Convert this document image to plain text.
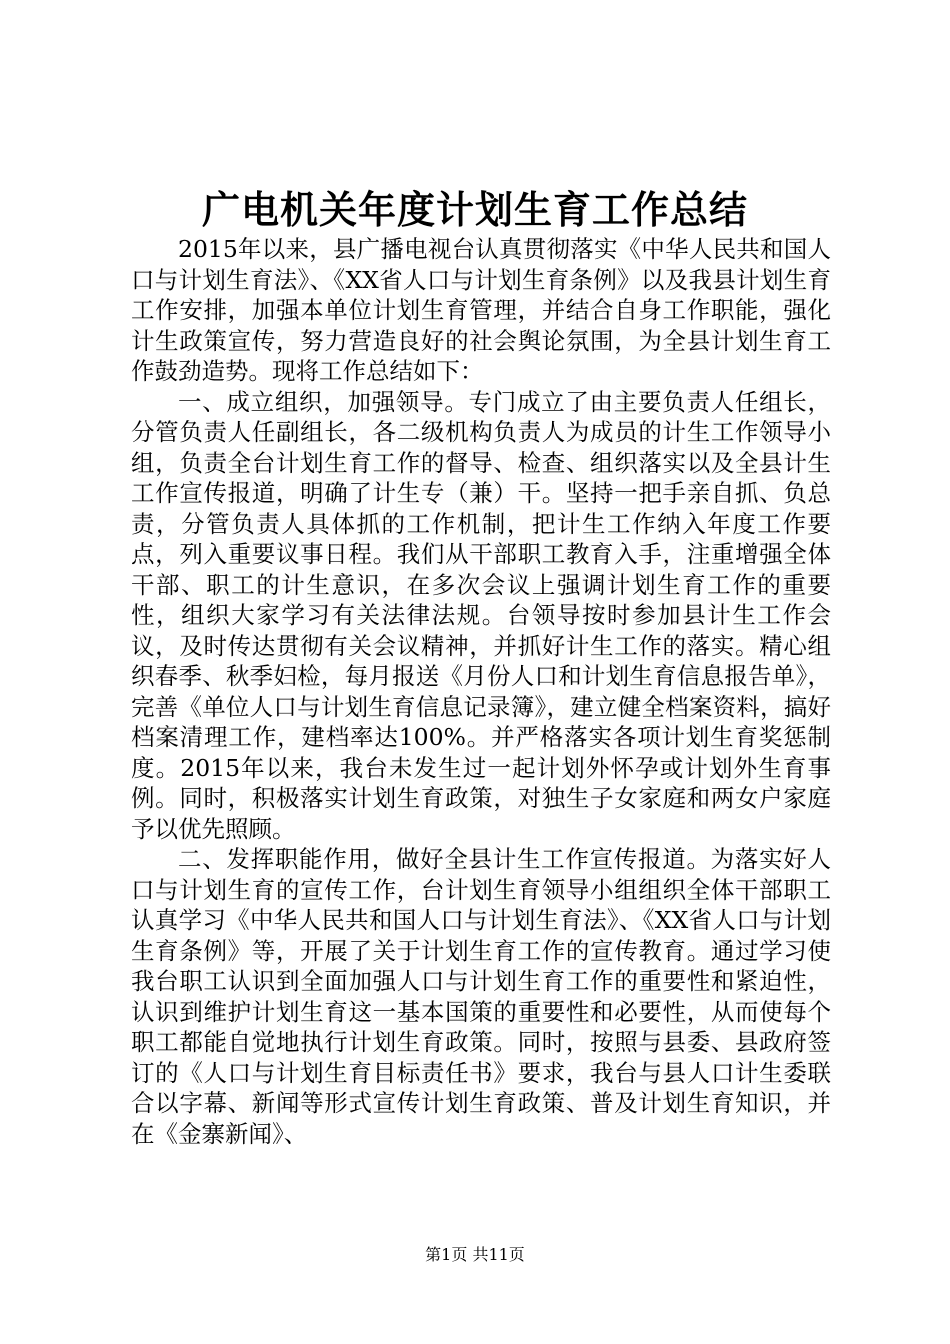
广电机关年度计划生育工作总结

2015年以来，县广播电视台认真贯彻落实《中华人民共和国人口与计划生育法》、《XX省人口与计划生育条例》以及我县计划生育工作安排，加强本单位计划生育管理，并结合自身工作职能，强化计生政策宣传，努力营造良好的社会舆论氛围，为全县计划生育工作鼓劲造势。现将工作总结如下：

一、成立组织，加强领导。专门成立了由主要负责人任组长，分管负责人任副组长，各二级机构负责人为成员的计生工作领导小组，负责全台计划生育工作的督导、检查、组织落实以及全县计生工作宣传报道，明确了计生专（兼）干。坚持一把手亲自抓、负总责，分管负责人具体抓的工作机制，把计生工作纳入年度工作要点，列入重要议事日程。我们从干部职工教育入手，注重增强全体干部、职工的计生意识，在多次会议上强调计划生育工作的重要性，组织大家学习有关法律法规。台领导按时参加县计生工作会议，及时传达贯彻有关会议精神，并抓好计生工作的落实。精心组织春季、秋季妇检，每月报送《月份人口和计划生育信息报告单》，完善《单位人口与计划生育信息记录簿》，建立健全档案资料，搞好档案清理工作，建档率达100%。并严格落实各项计划生育奖惩制度。2015年以来，我台未发生过一起计划外怀孕或计划外生育事例。同时，积极落实计划生育政策，对独生子女家庭和两女户家庭予以优先照顾。

二、发挥职能作用，做好全县计生工作宣传报道。为落实好人口与计划生育的宣传工作，台计划生育领导小组组织全体干部职工认真学习《中华人民共和国人口与计划生育法》、《XX省人口与计划生育条例》等，开展了关于计划生育工作的宣传教育。通过学习使我台职工认识到全面加强人口与计划生育工作的重要性和紧迫性，认识到维护计划生育这一基本国策的重要性和必要性，从而使每个职工都能自觉地执行计划生育政策。同时，按照与县委、县政府签订的《人口与计划生育目标责任书》要求，我台与县人口计生委联合以字幕、新闻等形式宣传计划生育政策、普及计划生育知识，并在《金寨新闻》、

第1页 共11页
